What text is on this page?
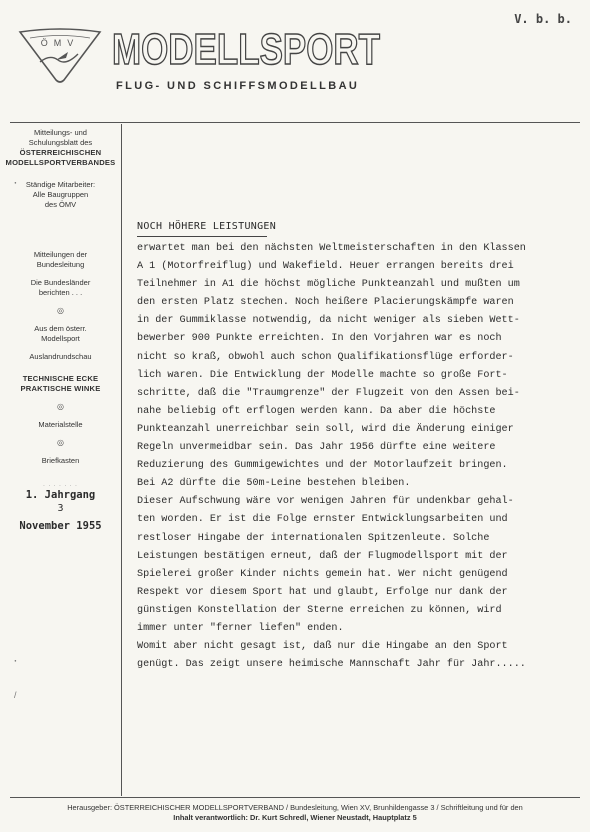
V. b. b.
ÖMV MODELLSPORT
FLUG- UND SCHIFFSMODELLBAU
Mitteilungs- und
Schulungsblatt des
ÖSTERREICHISCHEN
MODELLSPORTVERBANDES
Ständige Mitarbeiter:
Alle Baugruppen
des ÖMV
Mitteilungen der
Bundesleitung
Die Bundesländer
berichten . . .
◎
Aus dem österr.
Modellsport
Auslandrundschau
TECHNISCHE ECKE
PRAKTISCHE WINKE
◎
Materialstelle
◎
Briefkasten
. . . . . . .
1. Jahrgang
3
November 1955
ꞏ
ꞏ
/
NOCH HÖHERE LEISTUNGEN
erwartet man bei den nächsten Weltmeisterschaften in den Klassen
A 1 (Motorfreiflug) und Wakefield. Heuer errangen bereits drei
Teilnehmer in A1 die höchst mögliche Punkteanzahl und mußten um
den ersten Platz stechen. Noch heißere Placierungskämpfe waren
in der Gummiklasse notwendig, da nicht weniger als sieben Wett-
bewerber 900 Punkte erreichten. In den Vorjahren war es noch
nicht so kraß, obwohl auch schon Qualifikationsflüge erforder-
lich waren. Die Entwicklung der Modelle machte so große Fort-
schritte, daß die "Traumgrenze" der Flugzeit von den Assen bei-
nahe beliebig oft erflogen werden kann. Da aber die höchste
Punkteanzahl unerreichbar sein soll, wird die Änderung einiger
Regeln unvermeidbar sein. Das Jahr 1956 dürfte eine weitere
Reduzierung des Gummigewichtes und der Motorlaufzeit bringen.
Bei A2 dürfte die 50m-Leine bestehen bleiben.
Dieser Aufschwung wäre vor wenigen Jahren für undenkbar gehal-
ten worden. Er ist die Folge ernster Entwicklungsarbeiten und
restloser Hingabe der internationalen Spitzenleute. Solche
Leistungen bestätigen erneut, daß der Flugmodellsport mit der
Spielerei großer Kinder nichts gemein hat. Wer nicht genügend
Respekt vor diesem Sport hat und glaubt, Erfolge nur dank der
günstigen Konstellation der Sterne erreichen zu können, wird
immer unter "ferner liefen" enden.
Womit aber nicht gesagt ist, daß nur die Hingabe an den Sport
genügt. Das zeigt unsere heimische Mannschaft Jahr für Jahr.....
Herausgeber: ÖSTERREICHISCHER MODELLSPORTVERBAND / Bundesleitung, Wien XV, Brunhildengasse 3 / Schriftleitung und für den
Inhalt verantwortlich: Dr. Kurt Schredl, Wiener Neustadt, Hauptplatz 5
